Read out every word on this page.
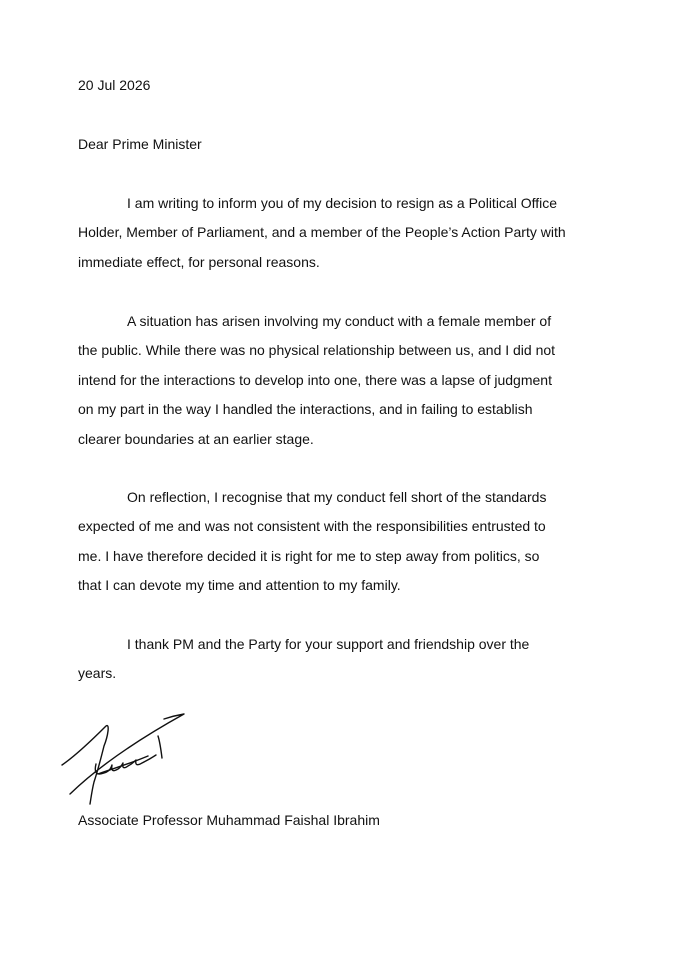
20 Jul 2026
Dear Prime Minister

I am writing to inform you of my decision to resign as a Political Office
Holder, Member of Parliament, and a member of the People’s Action Party with
immediate effect, for personal reasons.

A situation has arisen involving my conduct with a female member of
the public. While there was no physical relationship between us, and I did not
intend for the interactions to develop into one, there was a lapse of judgment
on my part in the way I handled the interactions, and in failing to establish
clearer boundaries at an earlier stage.

On reflection, I recognise that my conduct fell short of the standards
expected of me and was not consistent with the responsibilities entrusted to
me. I have therefore decided it is right for me to step away from politics, so
that I can devote my time and attention to my family.

I thank PM and the Party for your support and friendship over the
years.

Associate Professor Muhammad Faishal Ibrahim
